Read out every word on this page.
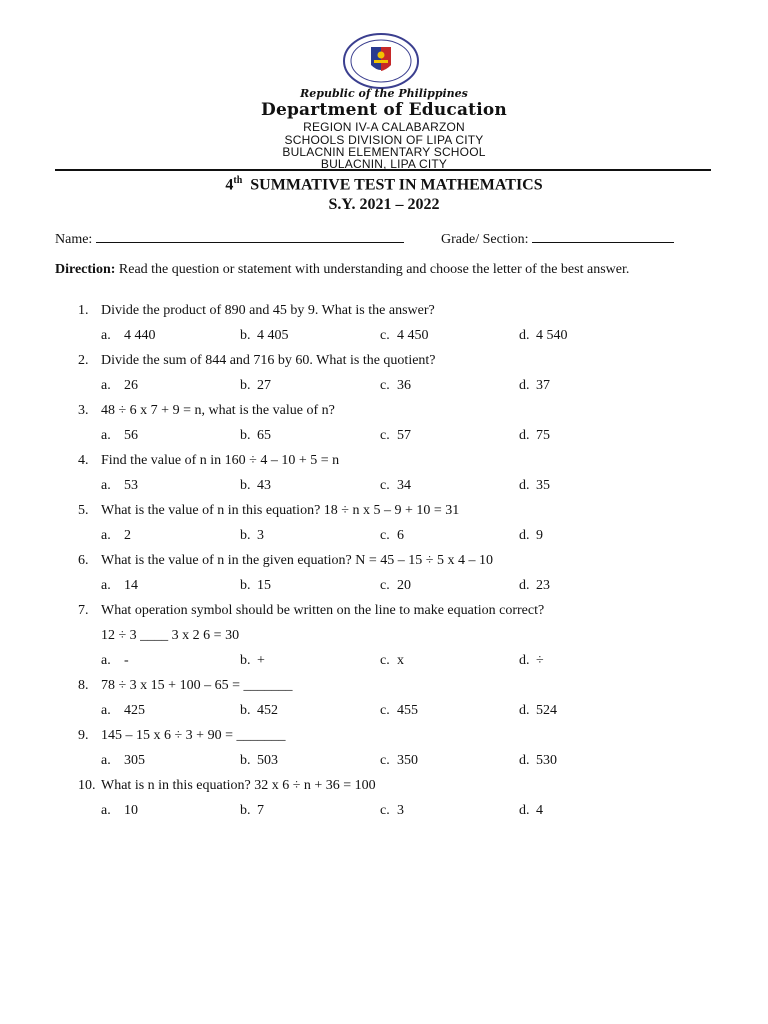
Republic of the Philippines
Department of Education
REGION IV-A CALABARZON
SCHOOLS DIVISION OF LIPA CITY
BULACNIN ELEMENTARY SCHOOL
BULACNIN, LIPA CITY
4th SUMMATIVE TEST IN MATHEMATICS
S.Y. 2021 – 2022
Name:	Grade/ Section:
Direction: Read the question or statement with understanding and choose the letter of the best answer.
1. Divide the product of 890 and 45 by 9. What is the answer?
a. 4 440	b. 4 405	c. 4 450	d. 4 540
2. Divide the sum of 844 and 716 by 60. What is the quotient?
a. 26	b. 27	c. 36	d. 37
3. 48 ÷ 6 x 7 + 9 = n, what is the value of n?
a. 56	b. 65	c. 57	d. 75
4. Find the value of n in 160 ÷ 4 – 10 + 5 = n
a. 53	b. 43	c. 34	d. 35
5. What is the value of n in this equation? 18 ÷ n x 5 – 9 + 10 = 31
a. 2	b. 3	c. 6	d. 9
6. What is the value of n in the given equation? N = 45 – 15 ÷ 5 x 4 – 10
a. 14	b. 15	c. 20	d. 23
7. What operation symbol should be written on the line to make equation correct?
12 ÷ 3 ____ 3 x 2 6 = 30
a. -	b. +	c. x	d. ÷
8. 78 ÷ 3 x 15 + 100 – 65 = _______
a. 425	b. 452	c. 455	d. 524
9. 145 – 15 x 6 ÷ 3 + 90 = _______
a. 305	b. 503	c. 350	d. 530
10. What is n in this equation? 32 x 6 ÷ n + 36 = 100
a. 10	b. 7	c. 3	d. 4
